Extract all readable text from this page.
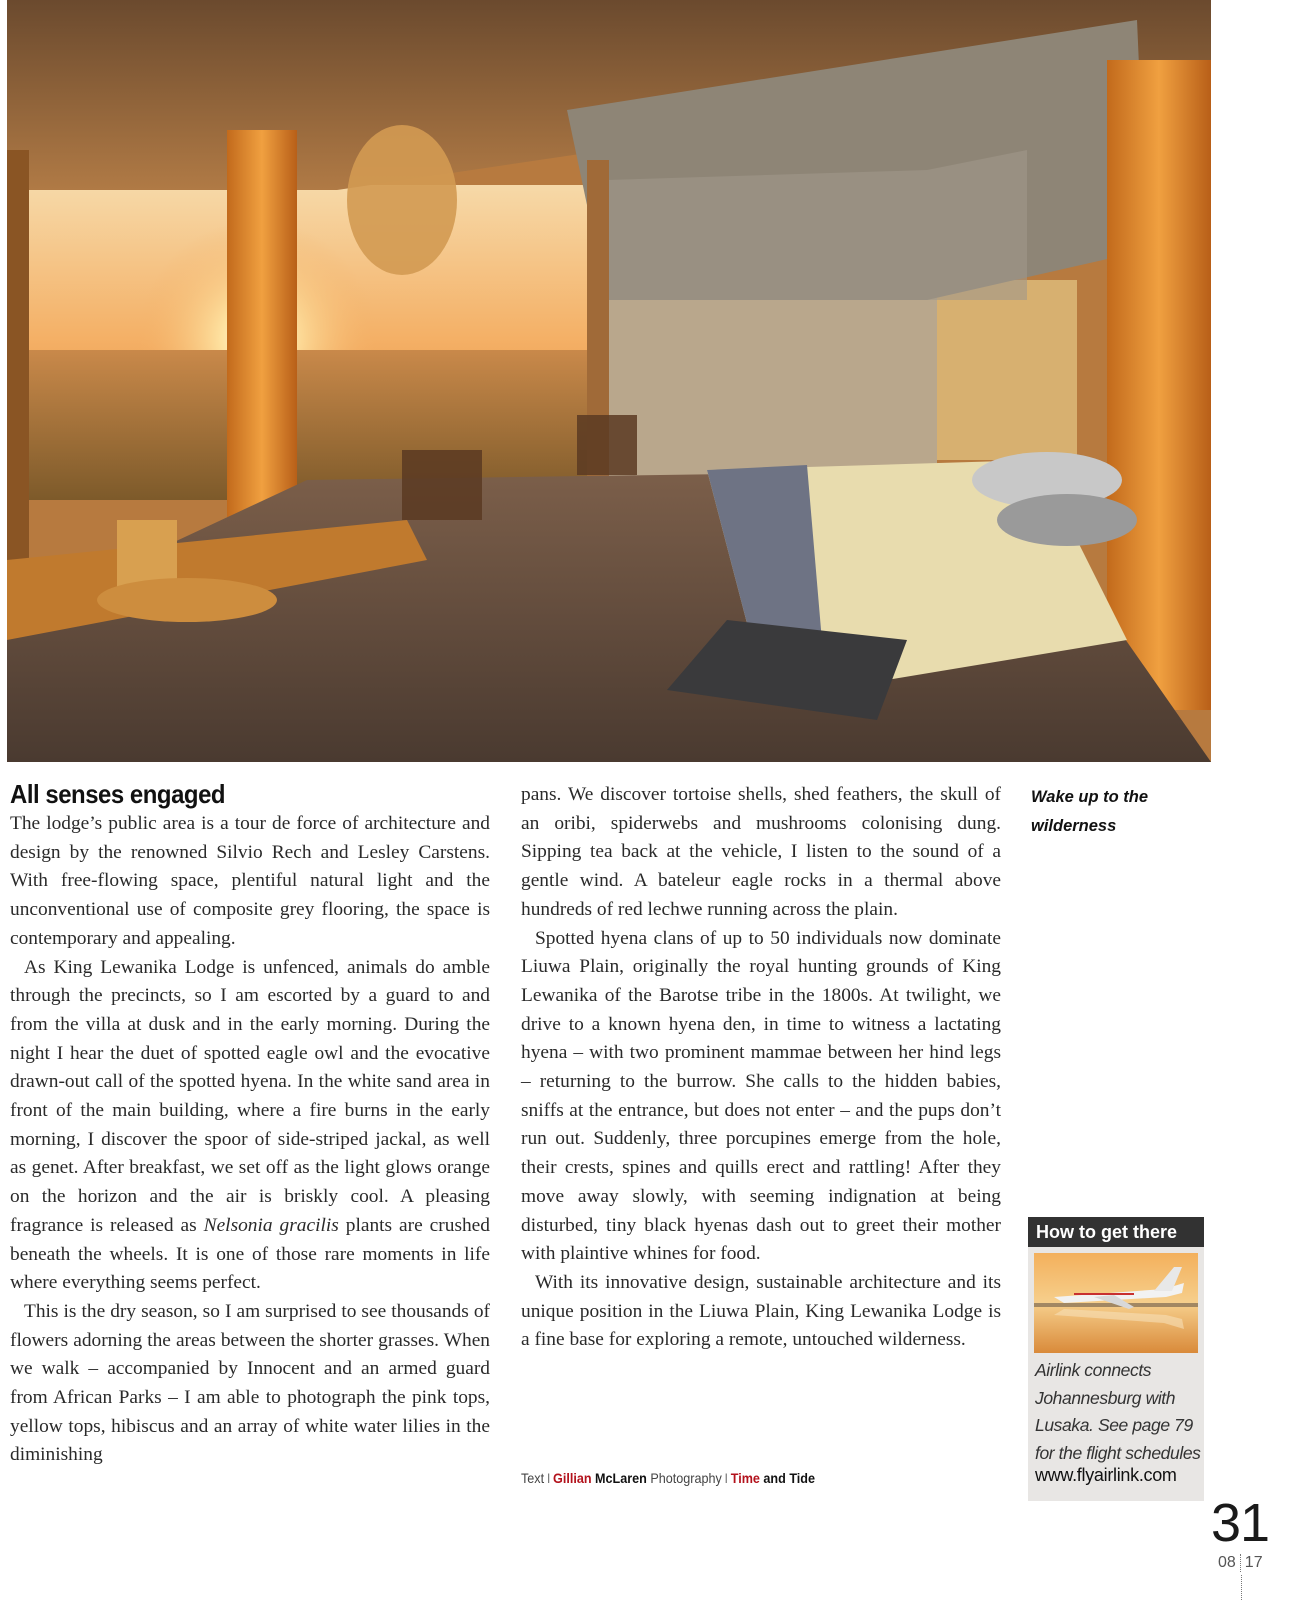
All senses engaged

The lodge’s public area is a tour de force of architecture and design by the renowned Silvio Rech and Lesley Carstens. With free-flowing space, plentiful natural light and the unconventional use of composite grey flooring, the space is contemporary and appealing.

As King Lewanika Lodge is unfenced, animals do amble through the precincts, so I am escorted by a guard to and from the villa at dusk and in the early morning. During the night I hear the duet of spotted eagle owl and the evocative drawn-out call of the spotted hyena. In the white sand area in front of the main building, where a fire burns in the early morning, I discover the spoor of side-striped jackal, as well as genet. After breakfast, we set off as the light glows orange on the horizon and the air is briskly cool. A pleasing fragrance is released as Nelsonia gracilis plants are crushed beneath the wheels. It is one of those rare moments in life where everything seems perfect.

This is the dry season, so I am surprised to see thousands of flowers adorning the areas between the shorter grasses. When we walk – accompanied by Innocent and an armed guard from African Parks – I am able to photograph the pink tops, yellow tops, hibiscus and an array of white water lilies in the diminishing

pans. We discover tortoise shells, shed feathers, the skull of an oribi, spiderwebs and mushrooms colonising dung. Sipping tea back at the vehicle, I listen to the sound of a gentle wind. A bateleur eagle rocks in a thermal above hundreds of red lechwe running across the plain.

Spotted hyena clans of up to 50 individuals now dominate Liuwa Plain, originally the royal hunting grounds of King Lewanika of the Barotse tribe in the 1800s. At twilight, we drive to a known hyena den, in time to witness a lactating hyena – with two prominent mammae between her hind legs – returning to the burrow. She calls to the hidden babies, sniffs at the entrance, but does not enter – and the pups don’t run out. Suddenly, three porcupines emerge from the hole, their crests, spines and quills erect and rattling! After they move away slowly, with seeming indignation at being disturbed, tiny black hyenas dash out to greet their mother with plaintive whines for food.

With its innovative design, sustainable architecture and its unique position in the Liuwa Plain, King Lewanika Lodge is a fine base for exploring a remote, untouched wilderness.

Wake up to the wilderness
Text I Gillian McLaren Photography I Time and Tide
How to get there
Airlink connects Johannesburg with Lusaka. See page 79 for the flight schedules
www.flyairlink.com
31
08 17
